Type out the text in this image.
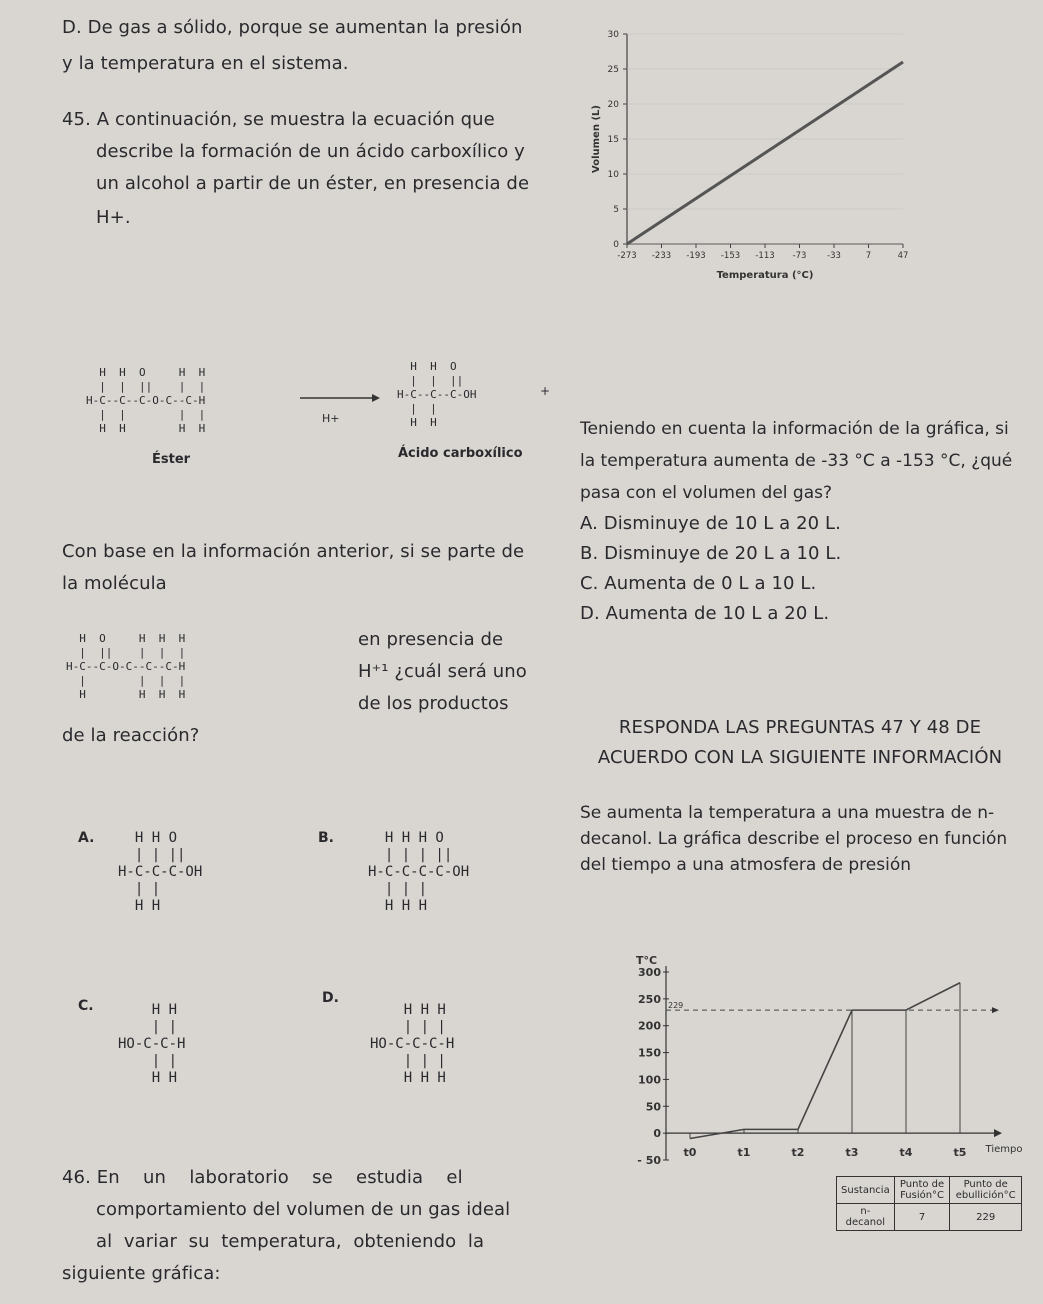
D. De gas a sólido, porque se aumentan la presión
y la temperatura en el sistema.
45. A continuación, se muestra la ecuación que
describe la formación de un ácido carboxílico y
un alcohol a partir de un éster, en presencia de
H+.
H  H  O     H  H
|  |  ||    |  |
H-C--C--C-O-C--C-H
|  |        |  |
H  H        H  H
Éster
H+
H  H  O
|  |  ||
H-C--C--C-OH
|  |
H  H
+
Ácido carboxílico
Con base en la información anterior, si se parte de
la molécula
H  O     H  H  H
|  ||    |  |  |
H-C--C-O-C--C--C-H
|        |  |  |
H        H  H  H
en presencia de
H⁺¹ ¿cuál será uno
de los productos
de la reacción?
A.	H H O
| | ||
H-C-C-C-OH
| |
H H
B.	H H H O
| | | ||
H-C-C-C-C-OH
| | |
H H H
C.	H H
| |
HO-C-C-H
| |
H H
D.
H H H
| | |
HO-C-C-C-H
| | |
H H H
46. En    un    laboratorio    se    estudia    el
comportamiento del volumen de un gas ideal
al  variar  su  temperatura,  obteniendo  la
siguiente gráfica:
0
5
10
15
20
25
30
-273 -233 -193 -153 -113 -73 -33	7	47
Temperatura (°C)
Volumen (L)
Teniendo en cuenta la información de la gráfica, si
la temperatura aumenta de -33 °C a -153 °C, ¿qué
pasa con el volumen del gas?
A. Disminuye de 10 L a 20 L.
B. Disminuye de 20 L a 10 L.
C. Aumenta de 0 L a 10 L.
D. Aumenta de 10 L a 20 L.
RESPONDA LAS PREGUNTAS 47 Y 48 DE
ACUERDO CON LA SIGUIENTE INFORMACIÓN
Se aumenta la temperatura a una muestra de n-
decanol. La gráfica describe el proceso en función
del tiempo a una atmosfera de presión
T°C
300
250
200
150
100
50
0
- 50
229
t0	t1	t2	t3	t4	t5 Tiempo
Sustancia	Punto de Fusión°C	Punto de ebullición°C
n-decanol	7	229
